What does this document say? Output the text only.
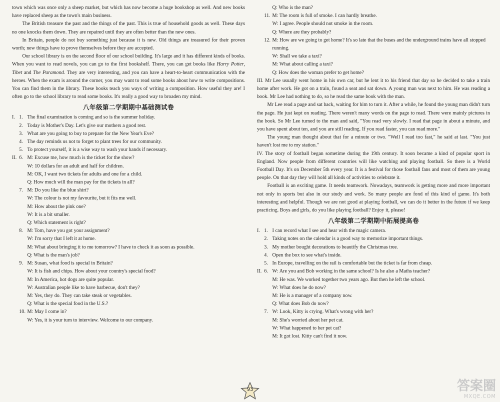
town which was once only a sheep market, but which has now become a huge bookshop as well. And new books have replaced sheep as the town's main business.

The British treasure the past and the things of the past. This is true of household goods as well. These days no one knocks them down. They are repaired until they are often better than the new ones.

In Britain, people do not buy something just because it is new. Old things are treasured for their proven worth; new things have to prove themselves before they are accepted.

Our school library is on the second floor of our school building. It's large and it has different kinds of books. When you want to read novels, you can go to the first bookshelf. There, you can get books like Harry Potter, Tibet and The Paramond. They are very interesting, and you can have a heart-to-heart communication with the heroes. When the exam is around the corner, you may want to read some books about how to write compositions. You can find them in the library. These books teach you ways of writing a composition. How useful they are! I often go to the school library to read some books. It's really a good way to broaden my mind.

八年级第二学期期中基础测试卷
I. 1. The final examination is coming and so is the summer holiday.
2. Today is Mother's Day. Let's give our mothers a good rest.
3. What are you going to buy to prepare for the New Year's Eve?
4. The day reminds us not to forget to plant trees for our community.
5. To protect yourself, it is a wise way to wash your hands if necessary.
II. 6. M: Excuse me, how much is the ticket for the show?
W: 10 dollars for an adult and half for children.
M: OK, I want two tickets for adults and one for a child.
Q: How much will the man pay for the tickets in all?
7. M: Do you like the blue shirt?
W: The colour is not my favourite, but it fits me well.
M: How about the pink one?
W: It is a bit smaller.
Q: Which statement is right?
8. M: Tom, have you got your assignment?
W: I'm sorry that I left it at home.
M: What about bringing it to me tomorrow? I have to check it as soon as possible.
Q: What is the man's job?
9. M: Susan, what food is special in Britain?
W: It is fish and chips. How about your country's special food?
M: In America, hot dogs are quite popular.
W: Australian people like to have barbecue, don't they?
M: Yes, they do. They can take steak or vegetables.
Q: What is the special food in the U.S.?
10. M: May I come in?
W: Yes, it is your turn to interview. Welcome to our company.
Q: Who is the man?
11. M: The room is full of smoke. I can hardly breathe.
W: I agree. People should not smoke in the room.
Q: Where are they probably?
12. M: How are we going to get home? It's so late that the buses and the underground trains have all stopped running.
W: Shall we take a taxi?
M: What about calling a taxi?
Q: How does the woman prefer to get home?

III. Mr Lee usually went home in his own car, but he lent it to his friend that day so he decided to take a train home after work. He got on a train, found a seat and sat down. A young man was next to him. He was reading a book. Mr Lee had nothing to do, so he read the same book with the man.

Mr Lee read a page and sat back, waiting for him to turn it. After a while, he found the young man didn't turn the page. He just kept on reading. There weren't many words on the page to read. There were mainly pictures in the book. So Mr Lee turned to the man and said, "You read very slowly. I read that page in about a minute, and you have spent about ten, and you are still reading. If you read faster, you can read more."

The young man thought about that for a minute or two. "Well I read too fast," he said at last. "You just haven't lost me to my station."

IV. The story of football began sometime during the 19th century. It soon became a kind of popular sport in England. Now people from different countries will like watching and playing football. So there is a World Football Day. It's on December 5th every year. It is a festival for those football fans and most of them are young people. On that day they will hold all kinds of activities to celebrate it.

Football is an exciting game. It needs teamwork. Nowadays, teamwork is getting more and more important not only in sports but also in our study and work. So many people are fond of this kind of game. It's both interesting and helpful. Though we are not good at playing football, we can do it better in the future if we keep practicing. Boys and girls, do you like playing football? Enjoy it, please!

八年级第二学期期中拓展提高卷
I. 1. I can record what I see and hear with the magic camera.
2. Taking notes on the calendar is a good way to memorize important things.
3. My mother bought decorations to beautify the Christmas tree.
4. Open the box to see what's inside.
5. In Europe, travelling on the rail is comfortable but the ticket is far from cheap.
II. 6. W: Are you and Bob working in the same school? Is he also a Maths teacher?
M: He was. We worked together two years ago. But then he left the school.
W: What does he do now?
M: He is a manager of a company now.
Q: What does Bob do now?
7. W: Look, Kitty is crying. What's wrong with her?
M: She's worried about her pet cat.
W: What happened to her pet cat?
M: It got lost. Kitty can't find it now.
93	答案圈
MXQE.COM
